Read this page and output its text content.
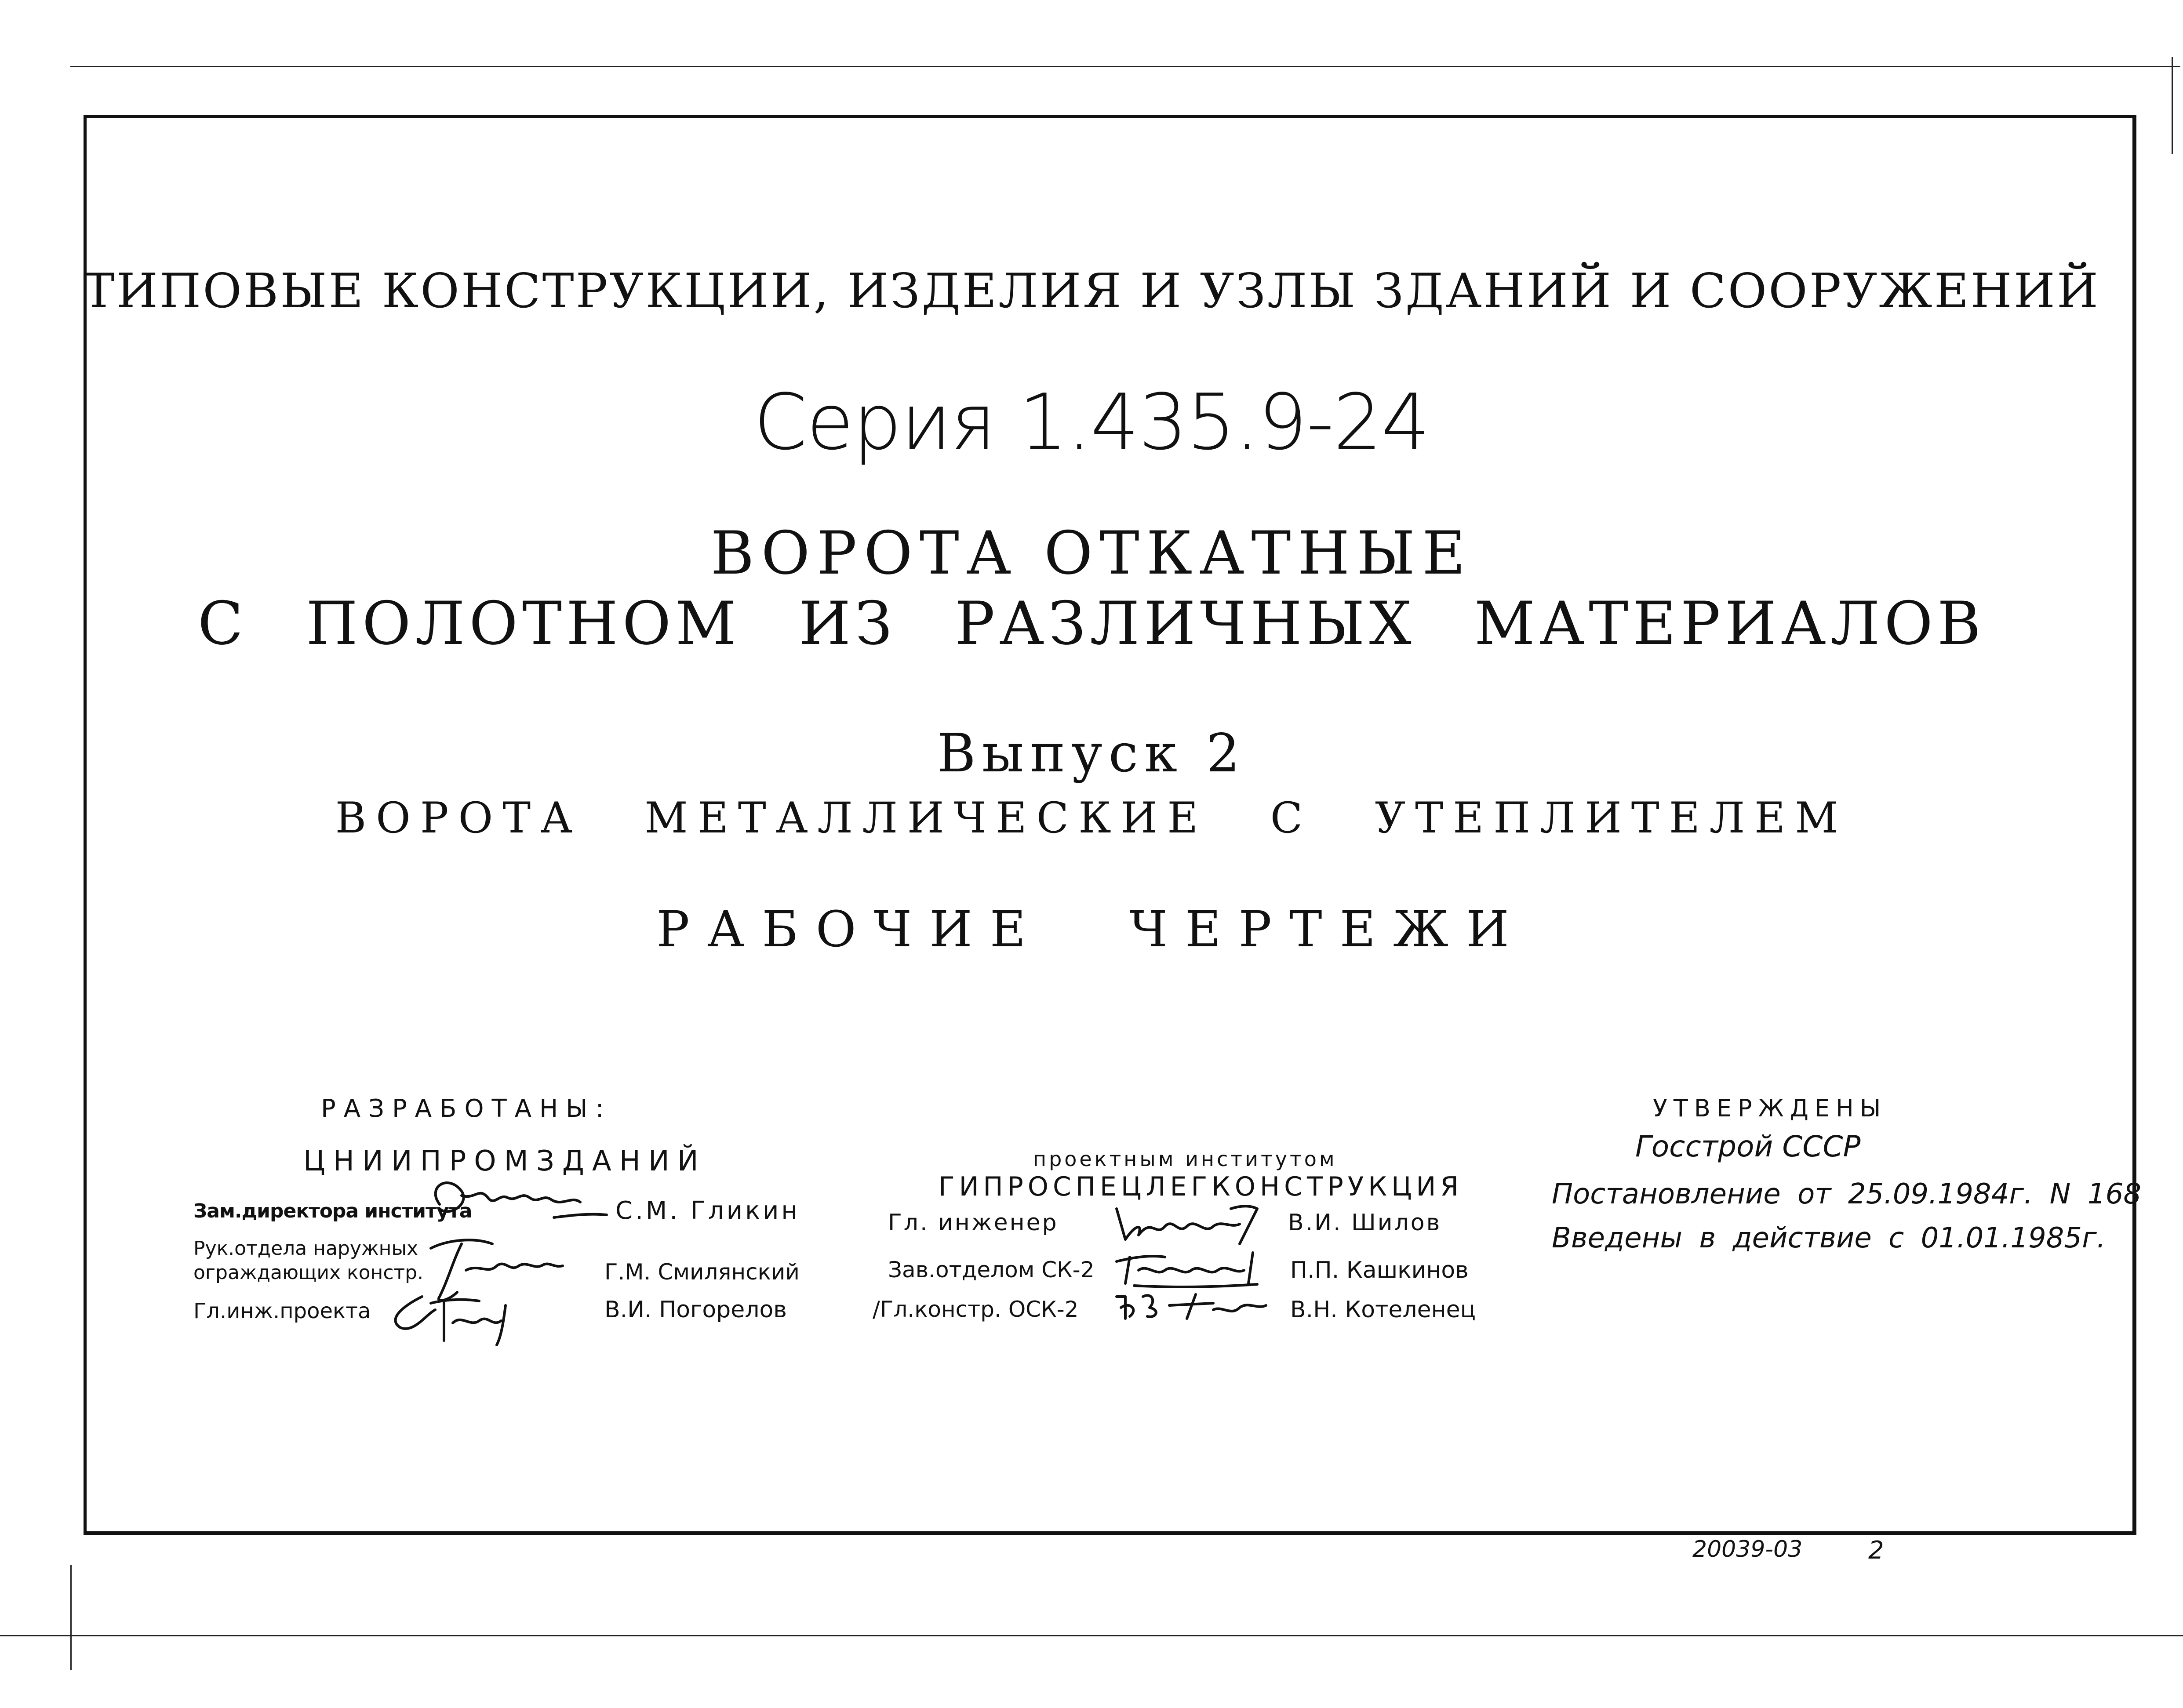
ТИПОВЫЕ КОНСТРУКЦИИ, ИЗДЕЛИЯ И УЗЛЫ ЗДАНИЙ И СООРУЖЕНИЙ
Серия 1.435.9-24
ВОРОТА ОТКАТНЫЕ
С ПОЛОТНОМ ИЗ РАЗЛИЧНЫХ МАТЕРИАЛОВ
Выпуск 2
ВОРОТА МЕТАЛЛИЧЕСКИЕ С УТЕПЛИТЕЛЕМ
РАБОЧИЕ ЧЕРТЕЖИ
РАЗРАБОТАНЫ:
ЦНИИПРОМЗДАНИЙ
Зам.директора института	С.М. Гликин
Рук.отдела наружных
ограждающих констр.	Г.М. Смилянский
Гл.инж.проекта	В.И. Погорелов
проектным институтом
ГИПРОСПЕЦЛЕГКОНСТРУКЦИЯ
Гл. инженер	В.И. Шилов
Зав.отделом СК-2	П.П. Кашкинов
/Гл.констр. ОСК-2	В.Н. Котеленец
УТВЕРЖДЕНЫ
Госстрой СССР
Постановление от 25.09.1984г. N 168
Введены в действие с 01.01.1985г.
20039-03	2
